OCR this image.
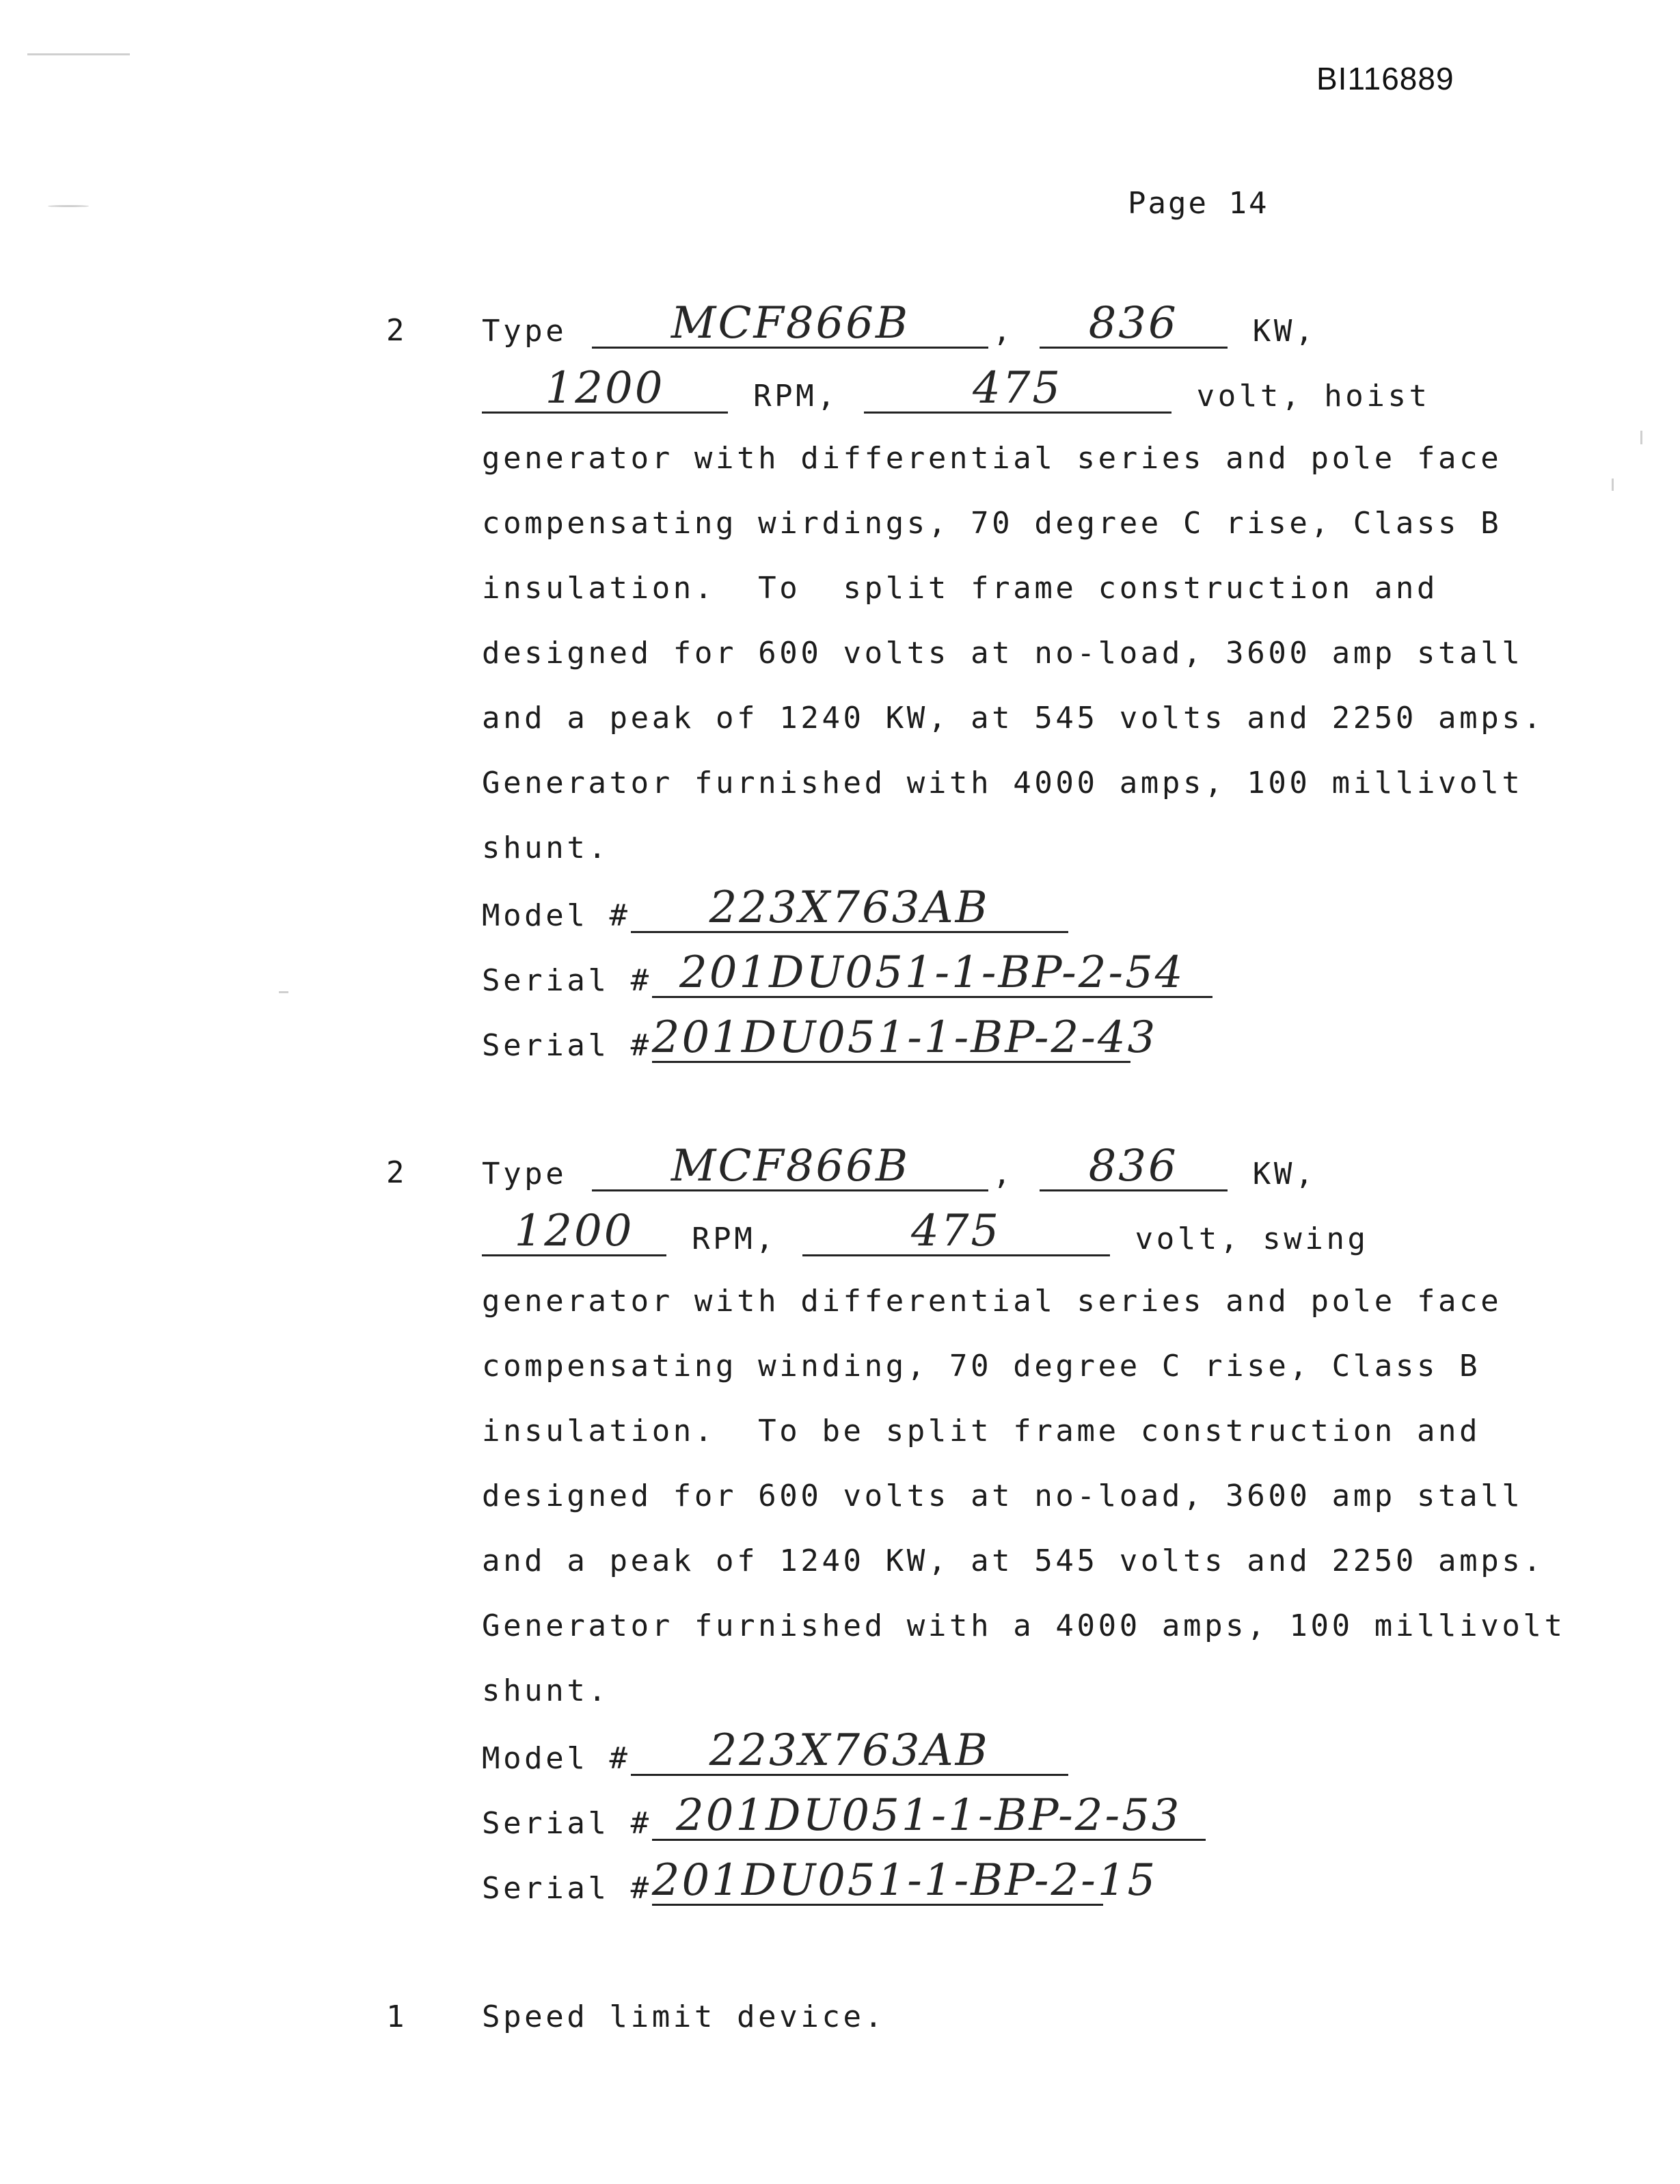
BI116889
Page 14
2	Type	MCF866B	,	836	KW,
1200	RPM,	475	volt, hoist
generator with differential series and pole face
compensating wirdings, 70 degree C rise, Class B
insulation.  To  split frame construction and
designed for 600 volts at no-load, 3600 amp stall
and a peak of 1240 KW, at 545 volts and 2250 amps.
Generator furnished with 4000 amps, 100 millivolt
shunt.
Model #	223X763AB
Serial # 201DU051-1-BP-2-54
Serial # 201DU051-1-BP-2-43
2	Type	MCF866B	,	836	KW,
1200	RPM,	475	volt, swing
generator with differential series and pole face
compensating winding, 70 degree C rise, Class B
insulation.  To be split frame construction and
designed for 600 volts at no-load, 3600 amp stall
and a peak of 1240 KW, at 545 volts and 2250 amps.
Generator furnished with a 4000 amps, 100 millivolt
shunt.
Model #	223X763AB
Serial # 201DU051-1-BP-2-53
Serial # 201DU051-1-BP-2-15
1	Speed limit device.
